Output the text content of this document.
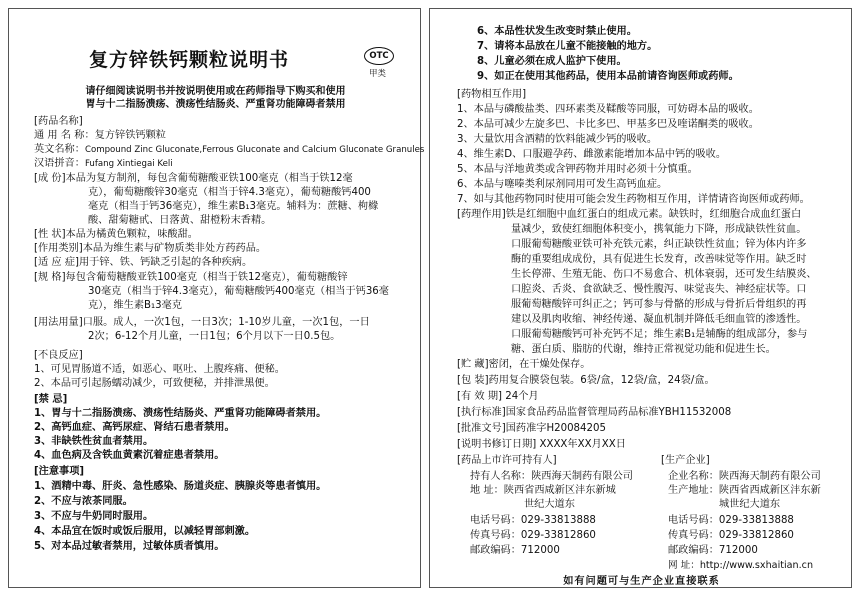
复方锌铁钙颗粒说明书	OTC
甲类
请仔细阅读说明书并按说明使用或在药师指导下购买和使用
胃与十二指肠溃疡、溃疡性结肠炎、严重肾功能障碍者禁用
[药品名称]
通 用 名 称：复方锌铁钙颗粒
英文名称：Compound Zinc Gluconate,Ferrous Gluconate and Calcium Gluconate Granules
汉语拼音：Fufang Xintiegai Keli
[成 份]本品为复方制剂，每包含葡萄糖酸亚铁100毫克（相当于铁12毫
克），葡萄糖酸锌30毫克（相当于锌4.3毫克），葡萄糖酸钙400
毫克（相当于钙36毫克），维生素B₁3毫克。辅料为：蔗糖、枸橼
酸、甜菊糖甙、日落黄、甜橙粉末香精。
[性 状]本品为橘黄色颗粒，味酸甜。
[作用类别]本品为维生素与矿物质类非处方药药品。
[适 应 症]用于锌、铁、钙缺乏引起的各种疾病。
[规 格]每包含葡萄糖酸亚铁100毫克（相当于铁12毫克），葡萄糖酸锌
30毫克（相当于锌4.3毫克），葡萄糖酸钙400毫克（相当于钙36毫
克），维生素B₁3毫克
[用法用量]口服。成人，一次1包，一日3次；1-10岁儿童，一次1包，一日
2次；6-12个月儿童，一日1包；6个月以下一日0.5包。
[不良反应]
1、可见胃肠道不适，如恶心、呕吐、上腹疼痛、便秘。
2、本品可引起肠蠕动减少，可致便秘，并排泄黑便。
[禁 忌]
1、胃与十二指肠溃疡、溃疡性结肠炎、严重肾功能障碍者禁用。
2、高钙血症、高钙尿症、肾结石患者禁用。
3、非缺铁性贫血者禁用。
4、血色病及含铁血黄素沉着症患者禁用。
[注意事项]
1、酒精中毒、肝炎、急性感染、肠道炎症、胰腺炎等患者慎用。
2、不应与浓茶同服。
3、不应与牛奶同时服用。
4、本品宜在饭时或饭后服用，以减轻胃部刺激。
5、对本品过敏者禁用，过敏体质者慎用。
6、本品性状发生改变时禁止使用。
7、请将本品放在儿童不能接触的地方。
8、儿童必须在成人监护下使用。
9、如正在使用其他药品，使用本品前请咨询医师或药师。
[药物相互作用]
1、本品与磷酸盐类、四环素类及鞣酸等同服，可妨碍本品的吸收。
2、本品可减少左旋多巴、卡比多巴、甲基多巴及喹诺酮类的吸收。
3、大量饮用含酒精的饮料能减少钙的吸收。
4、维生素D、口服避孕药、雌激素能增加本品中钙的吸收。
5、本品与洋地黄类或含钾药物并用时必须十分慎重。
6、本品与噻嗪类利尿剂同用可发生高钙血症。
7、如与其他药物同时使用可能会发生药物相互作用，详情请咨询医师或药师。
[药理作用]铁是红细胞中血红蛋白的组成元素。缺铁时，红细胞合成血红蛋白
量减少，致使红细胞体积变小，携氧能力下降，形成缺铁性贫血。
口服葡萄糖酸亚铁可补充铁元素，纠正缺铁性贫血；锌为体内许多
酶的重要组成成份，具有促进生长发育，改善味觉等作用。缺乏时
生长停滞、生殖无能、伤口不易愈合、机体衰弱，还可发生结膜炎、
口腔炎、舌炎、食欲缺乏、慢性腹泻、味觉丧失、神经症状等。口
服葡萄糖酸锌可纠正之；钙可参与骨骼的形成与骨折后骨组织的再
建以及肌肉收缩、神经传递、凝血机制并降低毛细血管的渗透性。
口服葡萄糖酸钙可补充钙不足；维生素B₁是辅酶的组成部分，参与
糖、蛋白质、脂肪的代谢，维持正常视觉功能和促进生长。
[贮 藏]密闭，在干燥处保存。
[包 装]药用复合膜袋包装。6袋/盒，12袋/盒，24袋/盒。
[有 效 期] 24个月
[执行标准]国家食品药品监督管理局药品标准YBH11532008
[批准文号]国药准字H20084205
[说明书修订日期] XXXX年XX月XX日
[药品上市许可持有人]	[生产企业]
持有人名称：陕西海天制药有限公司
地 址：陕西省西咸新区沣东新城
世纪大道东
电话号码：029-33813888
传真号码：029-33812860
邮政编码：712000
企业名称：陕西海天制药有限公司
生产地址：陕西省西咸新区沣东新
城世纪大道东
电话号码：029-33813888
传真号码：029-33812860
邮政编码：712000
网 址：http://www.sxhaitian.cn
如有问题可与生产企业直接联系
